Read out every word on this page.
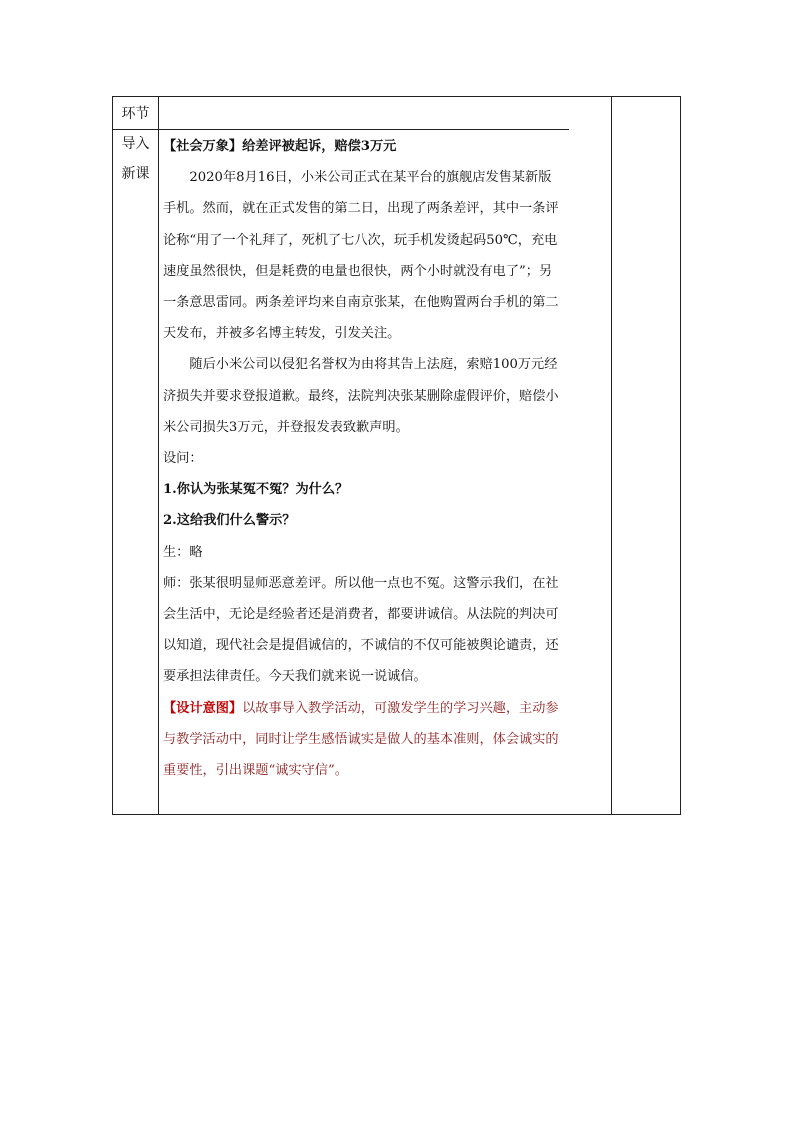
环节
导入
新课

【社会万象】给差评被起诉，赔偿3万元

2020年8月16日，小米公司正式在某平台的旗舰店发售某新版手机。然而，就在正式发售的第二日，出现了两条差评，其中一条评论称“用了一个礼拜了，死机了七八次，玩手机发烫起码50℃，充电速度虽然很快，但是耗费的电量也很快，两个小时就没有电了”；另一条意思雷同。两条差评均来自南京张某，在他购置两台手机的第二天发布，并被多名博主转发，引发关注。

随后小米公司以侵犯名誉权为由将其告上法庭，索赔100万元经济损失并要求登报道歉。最终，法院判决张某删除虚假评价，赔偿小米公司损失3万元，并登报发表致歉声明。

设问：

1.你认为张某冤不冤？为什么？

2.这给我们什么警示？

生：略

师：张某很明显师恶意差评。所以他一点也不冤。这警示我们，在社会生活中，无论是经验者还是消费者，都要讲诚信。从法院的判决可以知道，现代社会是提倡诚信的，不诚信的不仅可能被舆论谴责，还要承担法律责任。今天我们就来说一说诚信。

【设计意图】以故事导入教学活动，可激发学生的学习兴趣，主动参与教学活动中，同时让学生感悟诚实是做人的基本准则，体会诚实的重要性，引出课题“诚实守信”。
